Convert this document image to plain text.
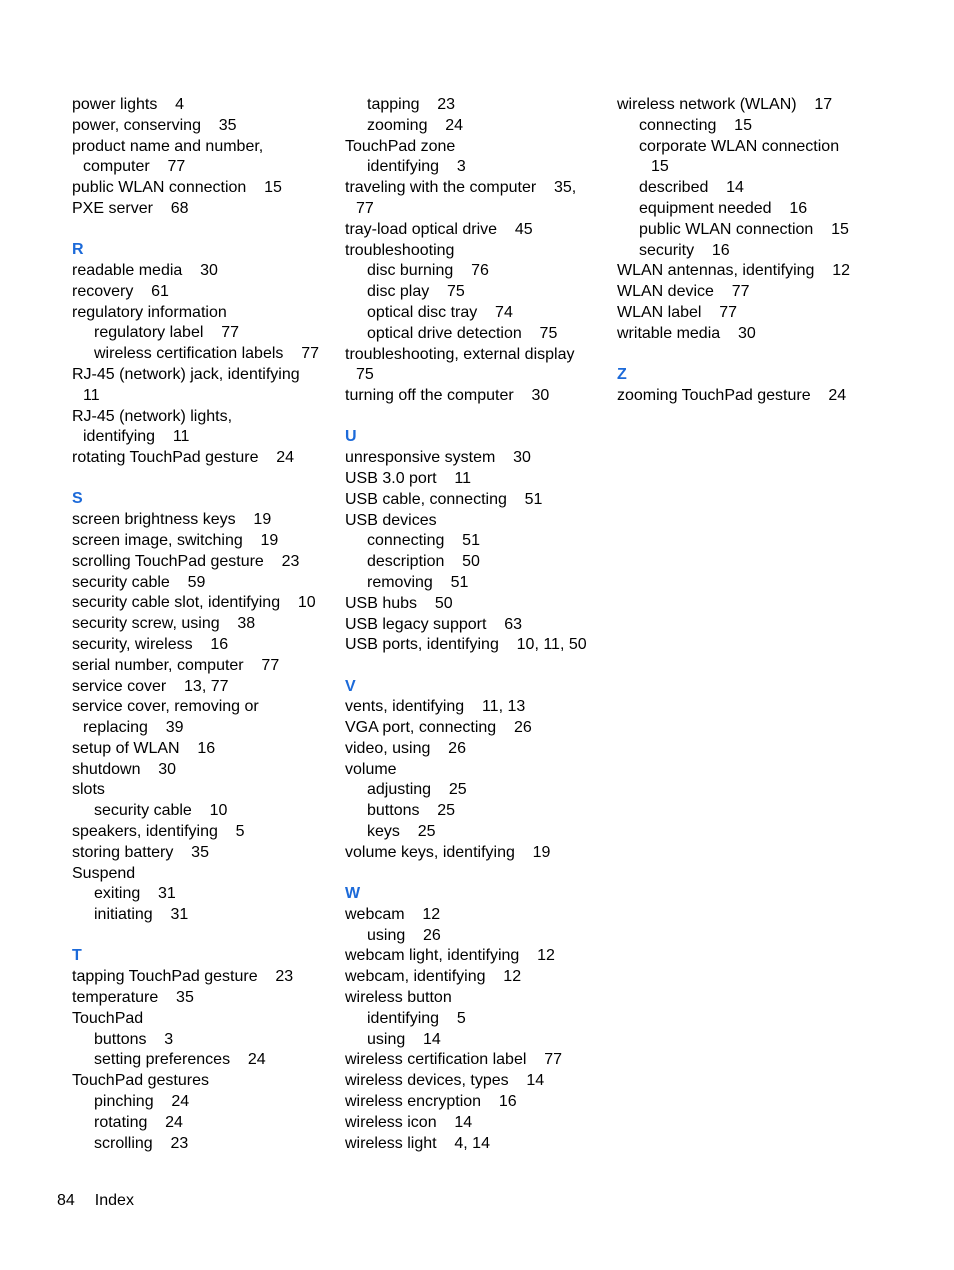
power lights 4
power, conserving 35
product name and number,
computer 77
public WLAN connection 15
PXE server 68
R
readable media 30
recovery 61
regulatory information
regulatory label 77
wireless certification labels 77
RJ-45 (network) jack, identifying
11
RJ-45 (network) lights,
identifying 11
rotating TouchPad gesture 24
S
screen brightness keys 19
screen image, switching 19
scrolling TouchPad gesture 23
security cable 59
security cable slot, identifying 10
security screw, using 38
security, wireless 16
serial number, computer 77
service cover 13, 77
service cover, removing or
replacing 39
setup of WLAN 16
shutdown 30
slots
security cable 10
speakers, identifying 5
storing battery 35
Suspend
exiting 31
initiating 31
T
tapping TouchPad gesture 23
temperature 35
TouchPad
buttons 3
setting preferences 24
TouchPad gestures
pinching 24
rotating 24
scrolling 23
tapping 23
zooming 24
TouchPad zone
identifying 3
traveling with the computer 35,
77
tray-load optical drive 45
troubleshooting
disc burning 76
disc play 75
optical disc tray 74
optical drive detection 75
troubleshooting, external display
75
turning off the computer 30
U
unresponsive system 30
USB 3.0 port 11
USB cable, connecting 51
USB devices
connecting 51
description 50
removing 51
USB hubs 50
USB legacy support 63
USB ports, identifying 10, 11, 50
V
vents, identifying 11, 13
VGA port, connecting 26
video, using 26
volume
adjusting 25
buttons 25
keys 25
volume keys, identifying 19
W
webcam 12
using 26
webcam light, identifying 12
webcam, identifying 12
wireless button
identifying 5
using 14
wireless certification label 77
wireless devices, types 14
wireless encryption 16
wireless icon 14
wireless light 4, 14
wireless network (WLAN) 17
connecting 15
corporate WLAN connection
15
described 14
equipment needed 16
public WLAN connection 15
security 16
WLAN antennas, identifying 12
WLAN device 77
WLAN label 77
writable media 30
Z
zooming TouchPad gesture 24
84 Index
